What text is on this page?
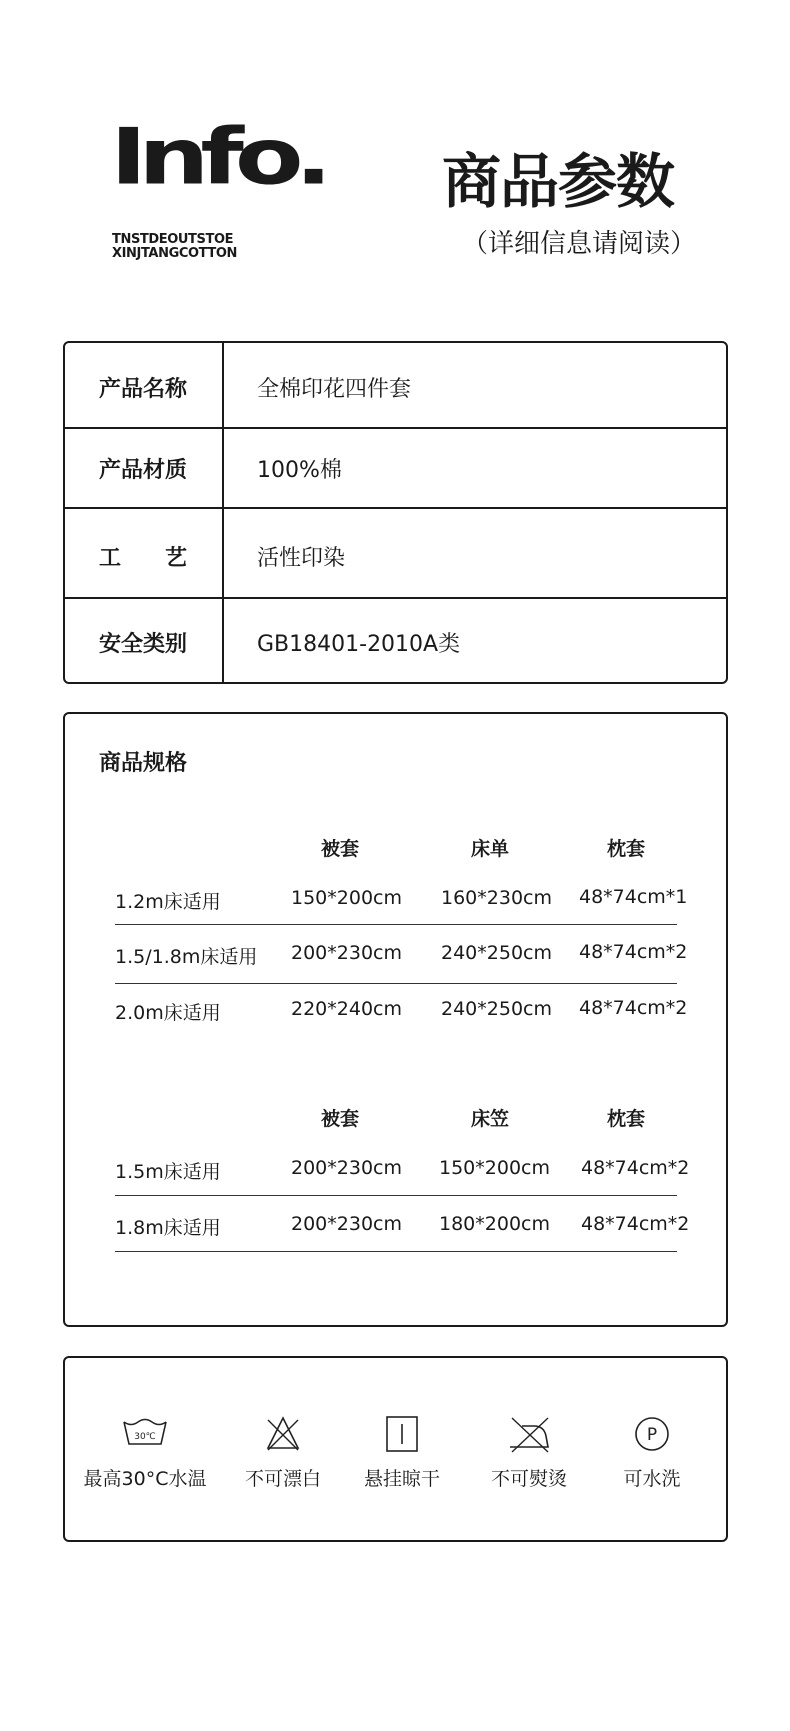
Info.
TNSTDEOUTSTOE
XINJTANGCOTTON
商品参数
（详细信息请阅读）
产品名称	全棉印花四件套
产品材质	100%棉
工　　艺	活性印染
安全类别	GB18401-2010A类
商品规格
被套	床单	枕套
1.2m床适用	150*200cm 160*230cm 48*74cm*1
1.5/1.8m床适用 200*230cm 240*250cm 48*74cm*2
2.0m床适用	220*240cm 240*250cm 48*74cm*2
被套	床笠	枕套
1.5m床适用	200*230cm 150*200cm 48*74cm*2
1.8m床适用	200*230cm 180*200cm 48*74cm*2
30℃
最高30°C水温	不可漂白	悬挂晾干	不可熨烫
P
可水洗
